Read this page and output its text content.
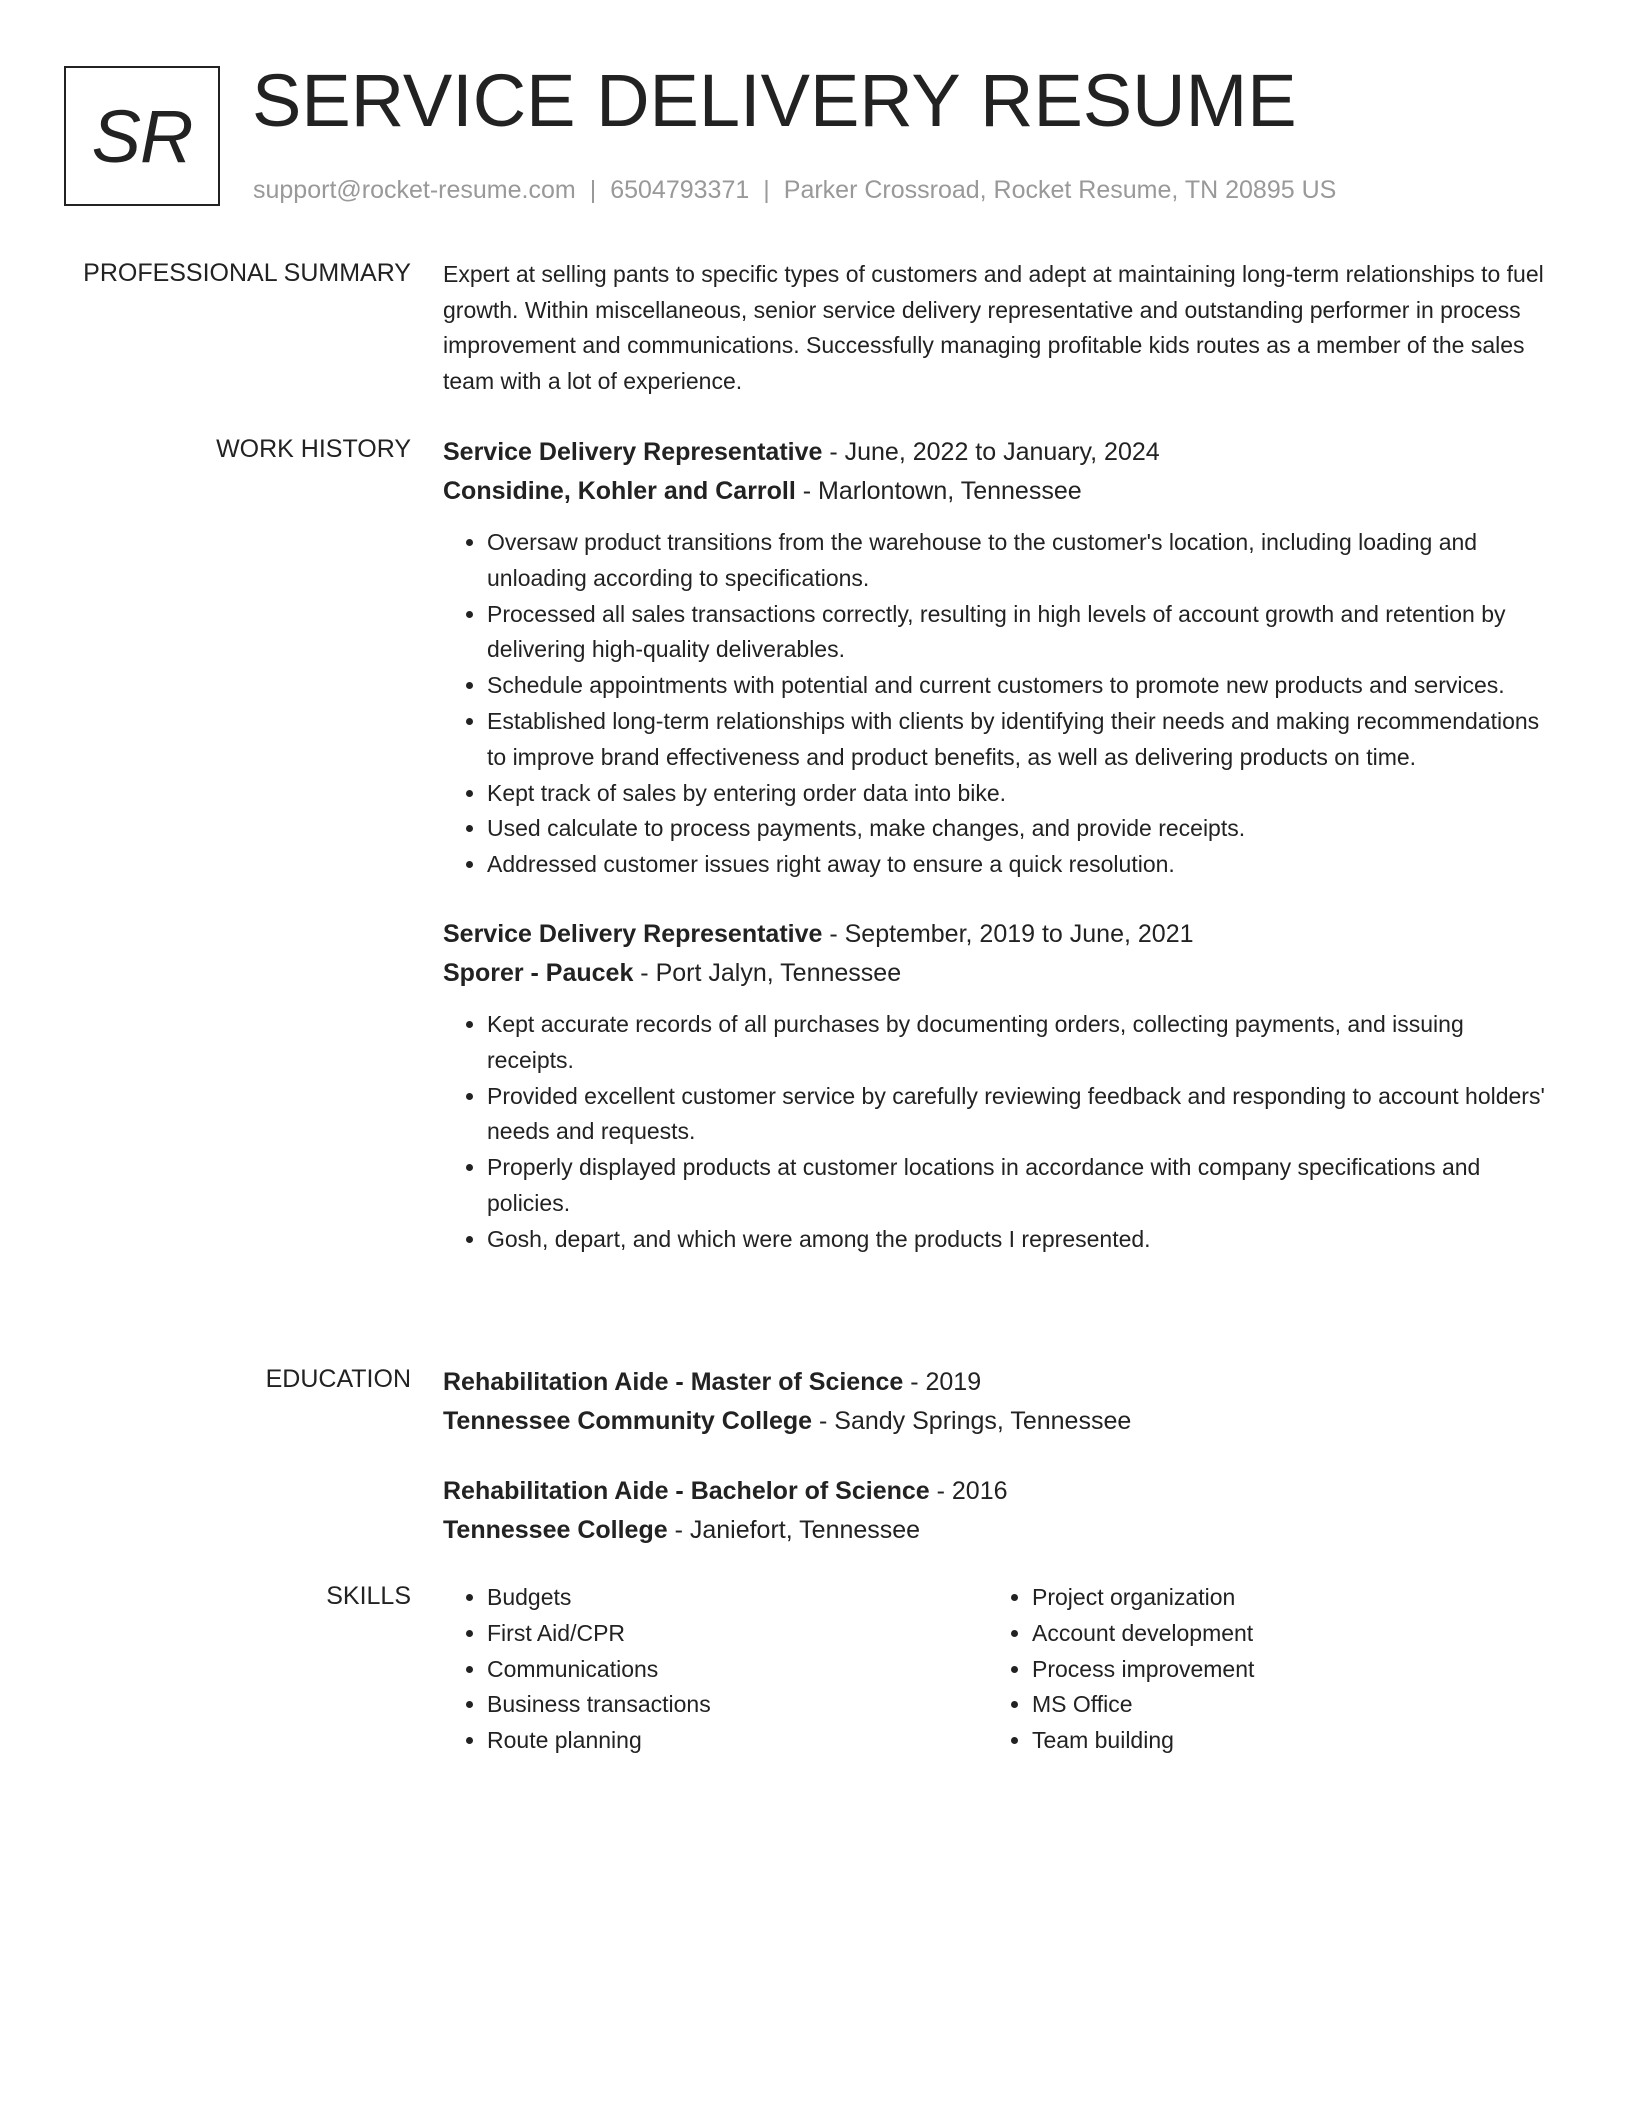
SR SERVICE DELIVERY RESUME
support@rocket-resume.com | 6504793371 | Parker Crossroad, Rocket Resume, TN 20895 US
PROFESSIONAL SUMMARY Expert at selling pants to specific types of customers and adept at maintaining long-term relationships to fuel growth. Within miscellaneous, senior service delivery representative and outstanding performer in process improvement and communications. Successfully managing profitable kids routes as a member of the sales team with a lot of experience.

WORK HISTORY Service Delivery Representative - June, 2022 to January, 2024

Considine, Kohler and Carroll - Marlontown, Tennessee

• Oversaw product transitions from the warehouse to the customer's location, including loading and unloading according to specifications.
• Processed all sales transactions correctly, resulting in high levels of account growth and retention by delivering high-quality deliverables.
• Schedule appointments with potential and current customers to promote new products and services.
• Established long-term relationships with clients by identifying their needs and making recommendations to improve brand effectiveness and product benefits, as well as delivering products on time.
• Kept track of sales by entering order data into bike.
• Used calculate to process payments, make changes, and provide receipts.
• Addressed customer issues right away to ensure a quick resolution.

Service Delivery Representative - September, 2019 to June, 2021

Sporer - Paucek - Port Jalyn, Tennessee

• Kept accurate records of all purchases by documenting orders, collecting payments, and issuing receipts.
• Provided excellent customer service by carefully reviewing feedback and responding to account holders' needs and requests.
• Properly displayed products at customer locations in accordance with company specifications and policies.
• Gosh, depart, and which were among the products I represented.
EDUCATION Rehabilitation Aide - Master of Science - 2019

Tennessee Community College - Sandy Springs, Tennessee

Rehabilitation Aide - Bachelor of Science - 2016

Tennessee College - Janiefort, Tennessee

SKILLS
•	Budgets
• First Aid/CPR
• Communications
• Business transactions
• Route planning
• Project organization
• Account development
• Process improvement
• MS Office
• Team building
